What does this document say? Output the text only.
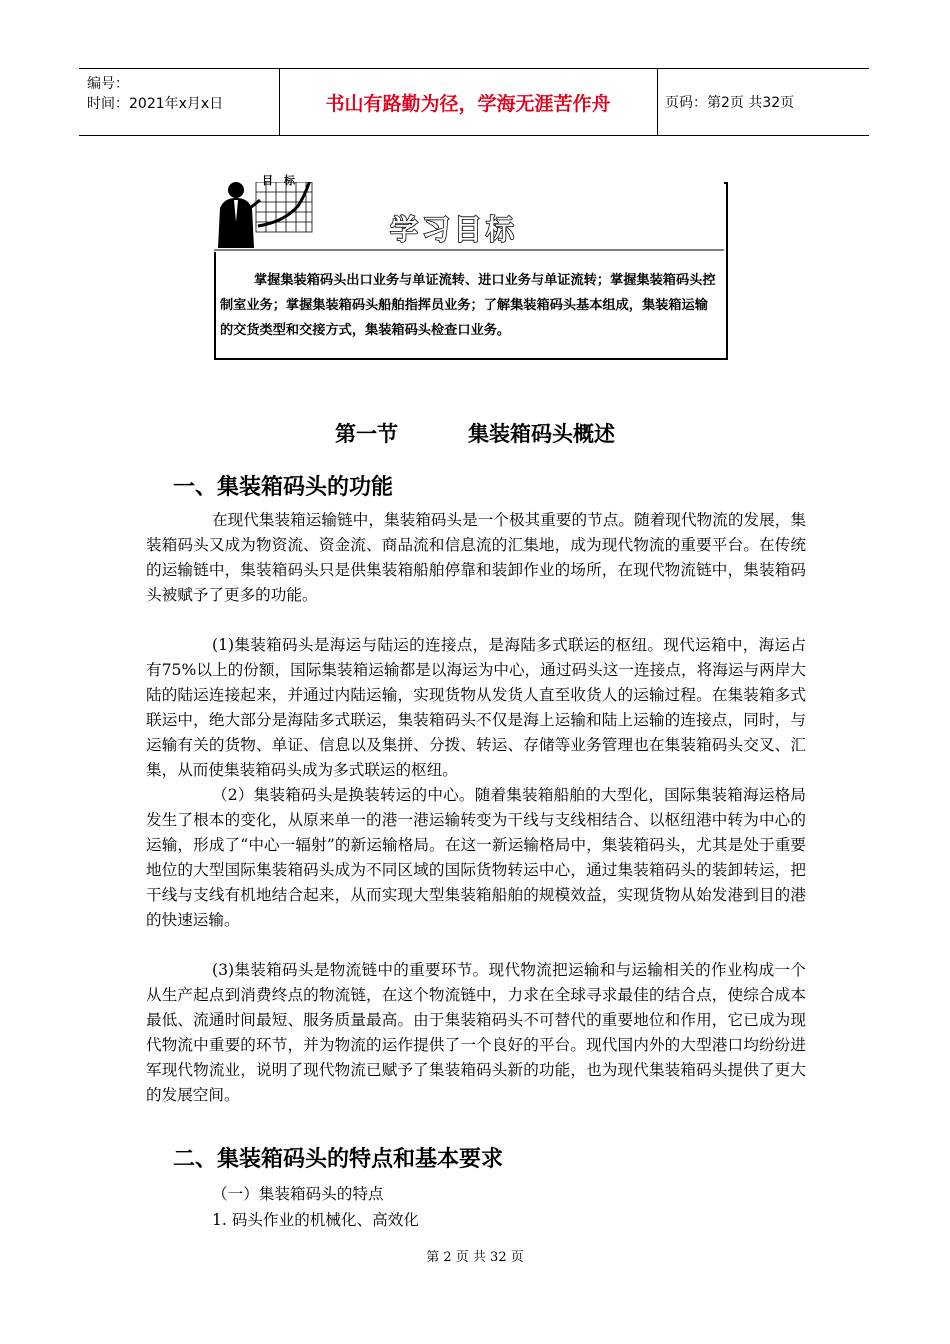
编号：
时间：2021年x月x日	书山有路勤为径，学海无涯苦作舟	页码：第2页 共32页
目 标
学习目标
掌握集装箱码头出口业务与单证流转、进口业务与单证流转；掌握集装箱码头控制室业务；掌握集装箱码头船舶指挥员业务；了解集装箱码头基本组成，集装箱运输的交货类型和交接方式，集装箱码头检查口业务。
第一节	集装箱码头概述
一、集装箱码头的功能
在现代集装箱运输链中，集装箱码头是一个极其重要的节点。随着现代物流的发展，集装箱码头又成为物资流、资金流、商品流和信息流的汇集地，成为现代物流的重要平台。在传统的运输链中，集装箱码头只是供集装箱船舶停靠和装卸作业的场所，在现代物流链中，集装箱码头被赋予了更多的功能。
(1)集装箱码头是海运与陆运的连接点，是海陆多式联运的枢纽。现代运箱中，海运占有75%以上的份额，国际集装箱运输都是以海运为中心，通过码头这一连接点，将海运与两岸大陆的陆运连接起来，并通过内陆运输，实现货物从发货人直至收货人的运输过程。在集装箱多式联运中，绝大部分是海陆多式联运，集装箱码头不仅是海上运输和陆上运输的连接点，同时，与运输有关的货物、单证、信息以及集拼、分拨、转运、存储等业务管理也在集装箱码头交叉、汇集，从而使集装箱码头成为多式联运的枢纽。
（2）集装箱码头是换装转运的中心。随着集装箱船舶的大型化，国际集装箱海运格局发生了根本的变化，从原来单一的港一港运输转变为干线与支线相结合、以枢纽港中转为中心的运输，形成了“中心一辐射”的新运输格局。在这一新运输格局中，集装箱码头，尤其是处于重要地位的大型国际集装箱码头成为不同区域的国际货物转运中心，通过集装箱码头的装卸转运，把干线与支线有机地结合起来，从而实现大型集装箱船舶的规模效益，实现货物从始发港到目的港的快速运输。
(3)集装箱码头是物流链中的重要环节。现代物流把运输和与运输相关的作业构成一个从生产起点到消费终点的物流链，在这个物流链中，力求在全球寻求最佳的结合点，使综合成本最低、流通时间最短、服务质量最高。由于集装箱码头不可替代的重要地位和作用，它已成为现代物流中重要的环节，并为物流的运作提供了一个良好的平台。现代国内外的大型港口均纷纷进军现代物流业，说明了现代物流已赋予了集装箱码头新的功能，也为现代集装箱码头提供了更大的发展空间。
二、集装箱码头的特点和基本要求
（一）集装箱码头的特点
1. 码头作业的机械化、高效化
第 2 页 共 32 页
